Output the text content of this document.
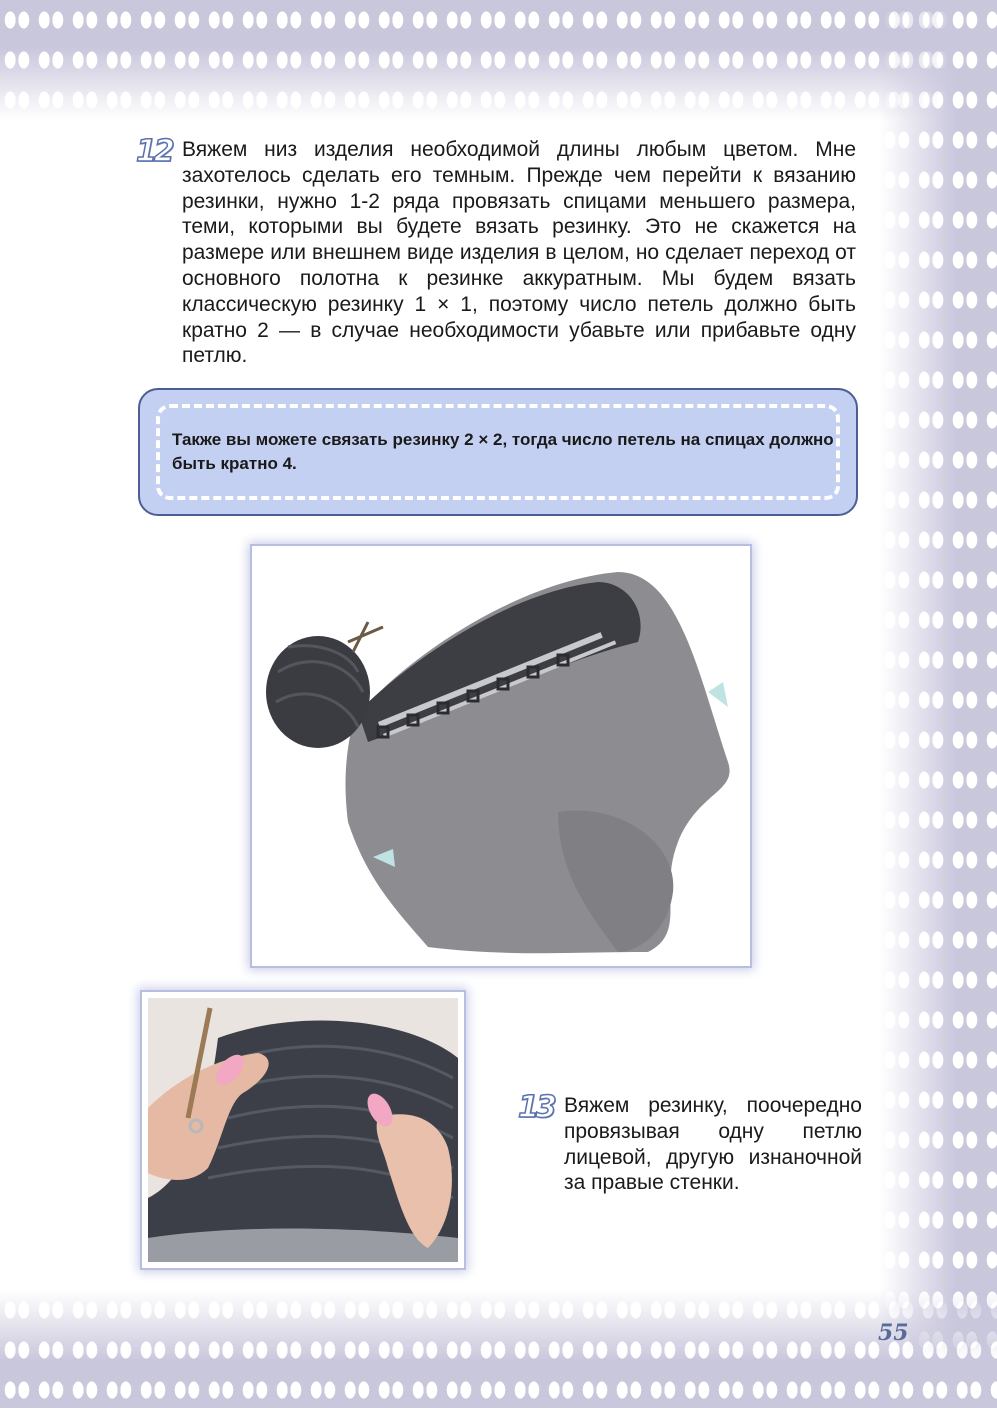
12 Вяжем низ изделия необходимой длины любым цветом. Мне захотелось сделать его темным. Прежде чем перейти к вязанию резинки, нужно 1-2 ряда провязать спицами меньшего размера, теми, которыми вы будете вязать резинку. Это не скажется на размере или внешнем виде изделия в целом, но сделает переход от основного полотна к резинке аккуратным. Мы будем вязать классическую резинку 1 × 1, поэтому число петель должно быть кратно 2 — в случае необходимости убавьте или прибавьте одну петлю.

Также вы можете связать резинку 2 × 2, тогда число петель на спицах должно быть кратно 4.

13 Вяжем резинку, поочередно провязывая одну петлю лицевой, другую изнаночной за правые стенки.

55
